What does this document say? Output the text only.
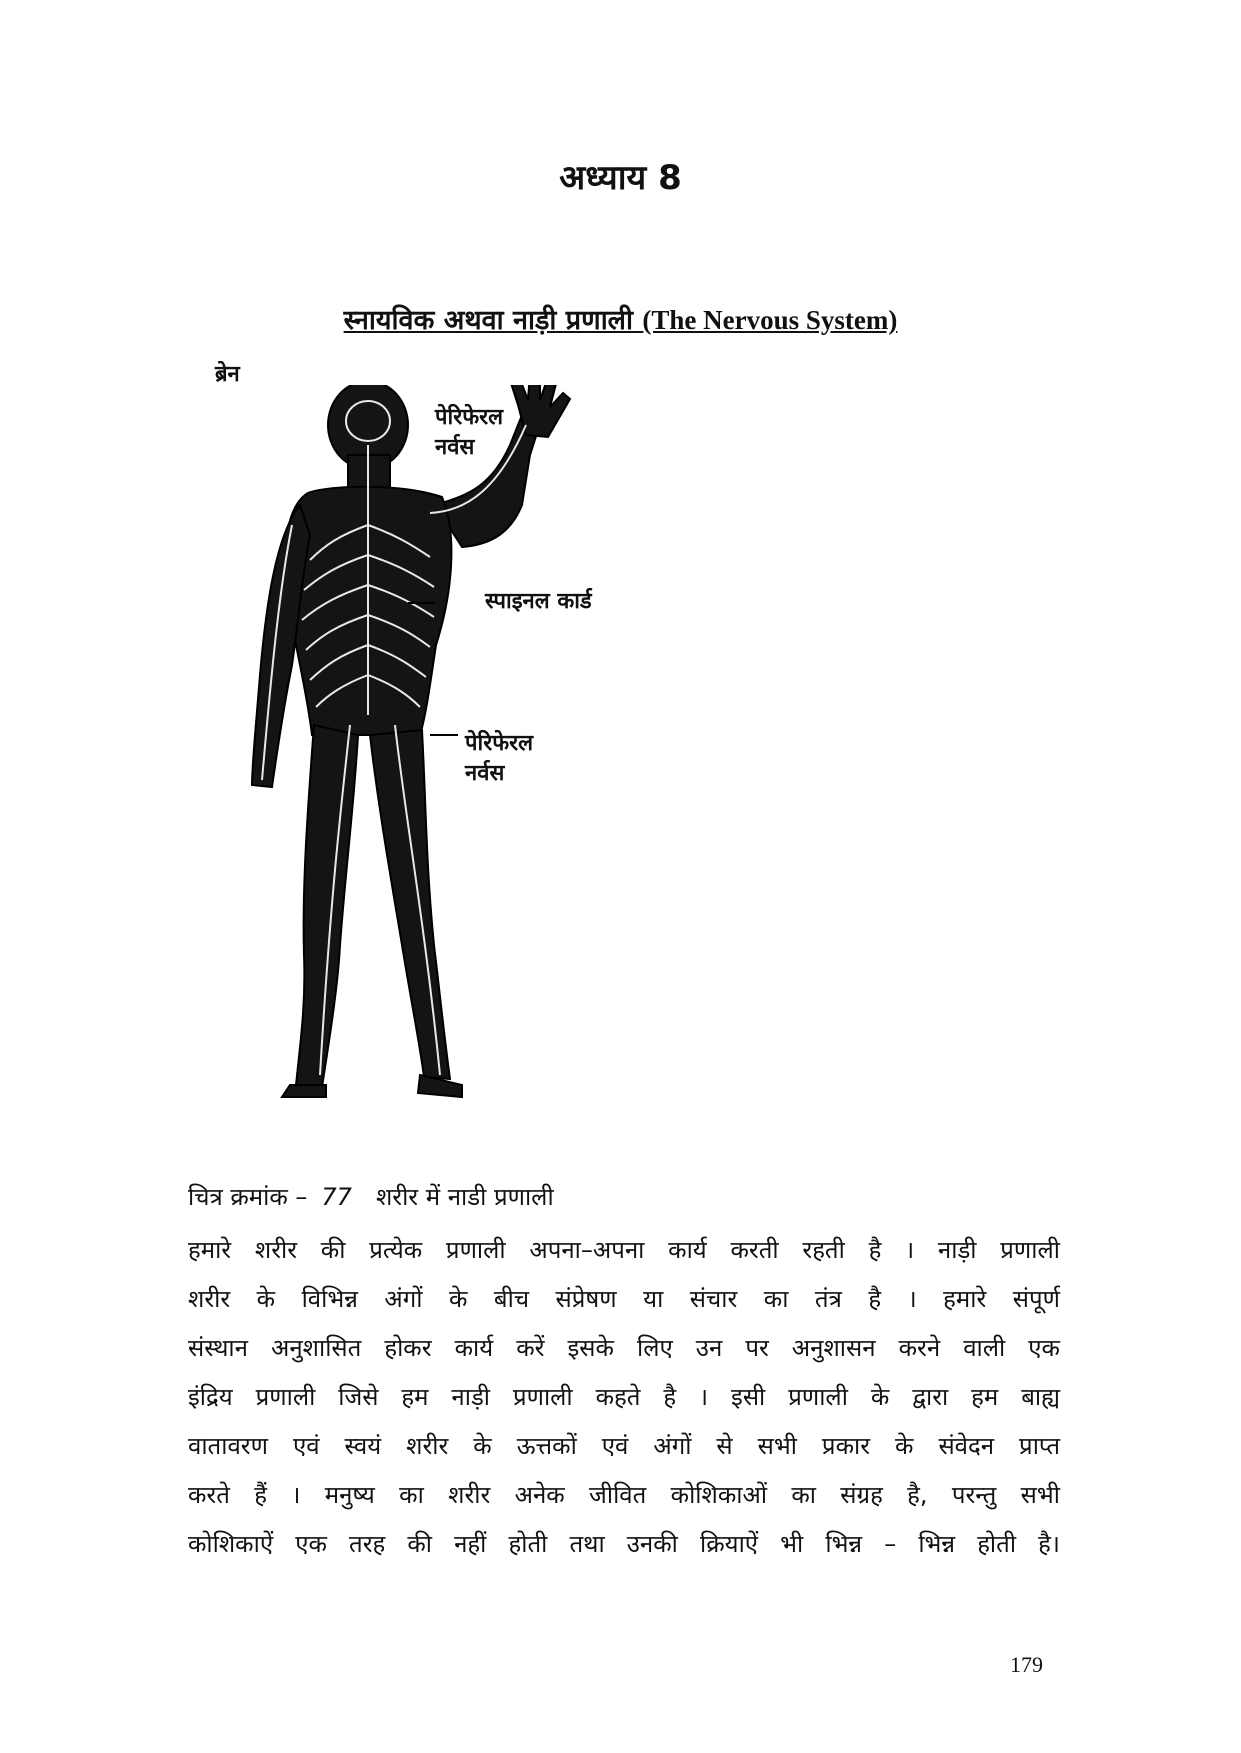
अध्याय 8
स्नायविक अथवा नाड़ी प्रणाली (The Nervous System)
ब्रेन
पेरिफेरल
नर्वस
स्पाइनल कार्ड
पेरिफेरल
नर्वस
चित्र क्रमांक – 77 शरीर में नाडी प्रणाली

हमारे शरीर की प्रत्येक प्रणाली अपना–अपना कार्य करती रहती है । नाड़ी प्रणाली

शरीर के विभिन्न अंगों के बीच संप्रेषण या संचार का तंत्र है । हमारे संपूर्ण

संस्थान अनुशासित होकर कार्य करें इसके लिए उन पर अनुशासन करने वाली एक

इंद्रिय प्रणाली जिसे हम नाड़ी प्रणाली कहते है । इसी प्रणाली के द्वारा हम बाह्य

वातावरण एवं स्वयं शरीर के ऊत्तकों एवं अंगों से सभी प्रकार के संवेदन प्राप्त

करते हैं । मनुष्य का शरीर अनेक जीवित कोशिकाओं का संग्रह है, परन्तु सभी

कोशिकाऐं एक तरह की नहीं होती तथा उनकी क्रियाऐं भी भिन्न – भिन्न होती है।

179
